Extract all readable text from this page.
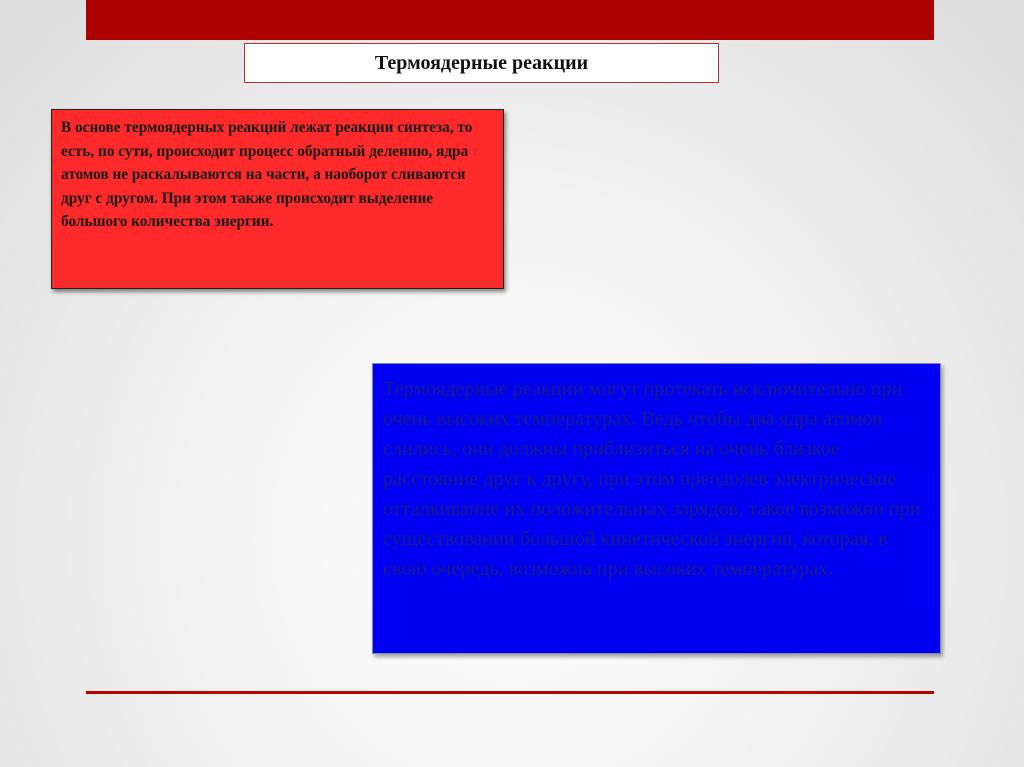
Термоядерные реакции
В основе термоядерных реакций лежат реакции синтеза, то есть, по сути, происходит процесс обратный делению, ядра атомов не раскалываются на части, а наоборот сливаются друг с другом. При этом также происходит выделение большого количества энергии.
Термоядерные реакции могут протекать исключительно при очень высоких температурах. Ведь чтобы два ядра атомов слились, они должны приблизиться на очень близкое расстояние друг к другу, при этом преодолев электрическое отталкивание их положительных зарядов, такое возможно при существовании большой кинетической энергии, которая, в свою очередь, возможна при высоких температурах.
